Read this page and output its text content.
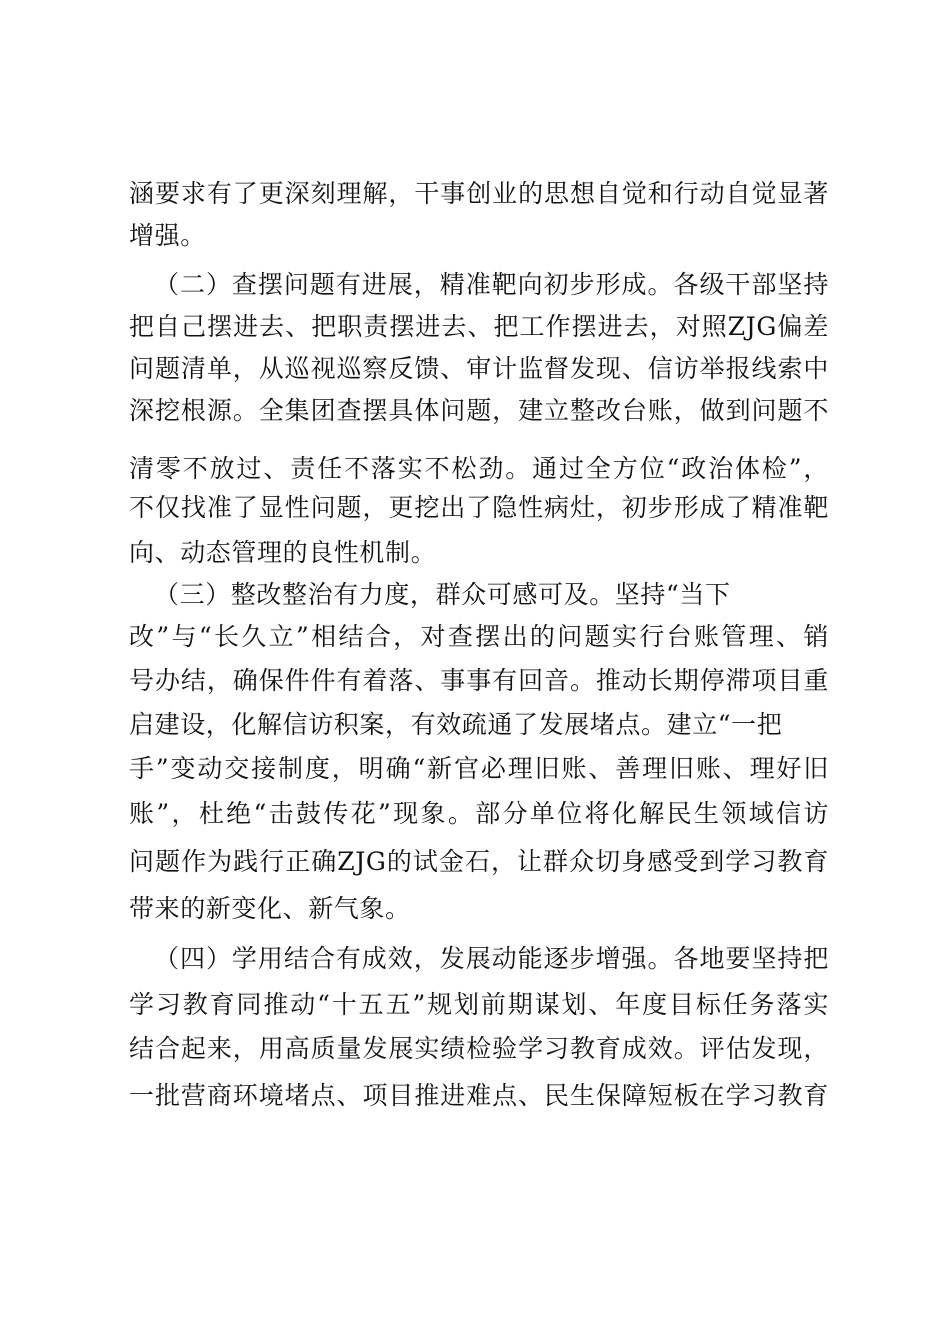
涵要求有了更深刻理解，干事创业的思想自觉和行动自觉显著
增强。
（二）查摆问题有进展，精准靶向初步形成。各级干部坚持
把自己摆进去、把职责摆进去、把工作摆进去，对照ZJG偏差
问题清单，从巡视巡察反馈、审计监督发现、信访举报线索中
深挖根源。全集团查摆具体问题，建立整改台账，做到问题不
清零不放过、责任不落实不松劲。通过全方位“政治体检”，
不仅找准了显性问题，更挖出了隐性病灶，初步形成了精准靶
向、动态管理的良性机制。
（三）整改整治有力度，群众可感可及。坚持“当下
改”与“长久立”相结合，对查摆出的问题实行台账管理、销
号办结，确保件件有着落、事事有回音。推动长期停滞项目重
启建设，化解信访积案，有效疏通了发展堵点。建立“一把
手”变动交接制度，明确“新官必理旧账、善理旧账、理好旧
账”，杜绝“击鼓传花”现象。部分单位将化解民生领域信访
问题作为践行正确ZJG的试金石，让群众切身感受到学习教育
带来的新变化、新气象。
（四）学用结合有成效，发展动能逐步增强。各地要坚持把
学习教育同推动“十五五”规划前期谋划、年度目标任务落实
结合起来，用高质量发展实绩检验学习教育成效。评估发现，
一批营商环境堵点、项目推进难点、民生保障短板在学习教育
